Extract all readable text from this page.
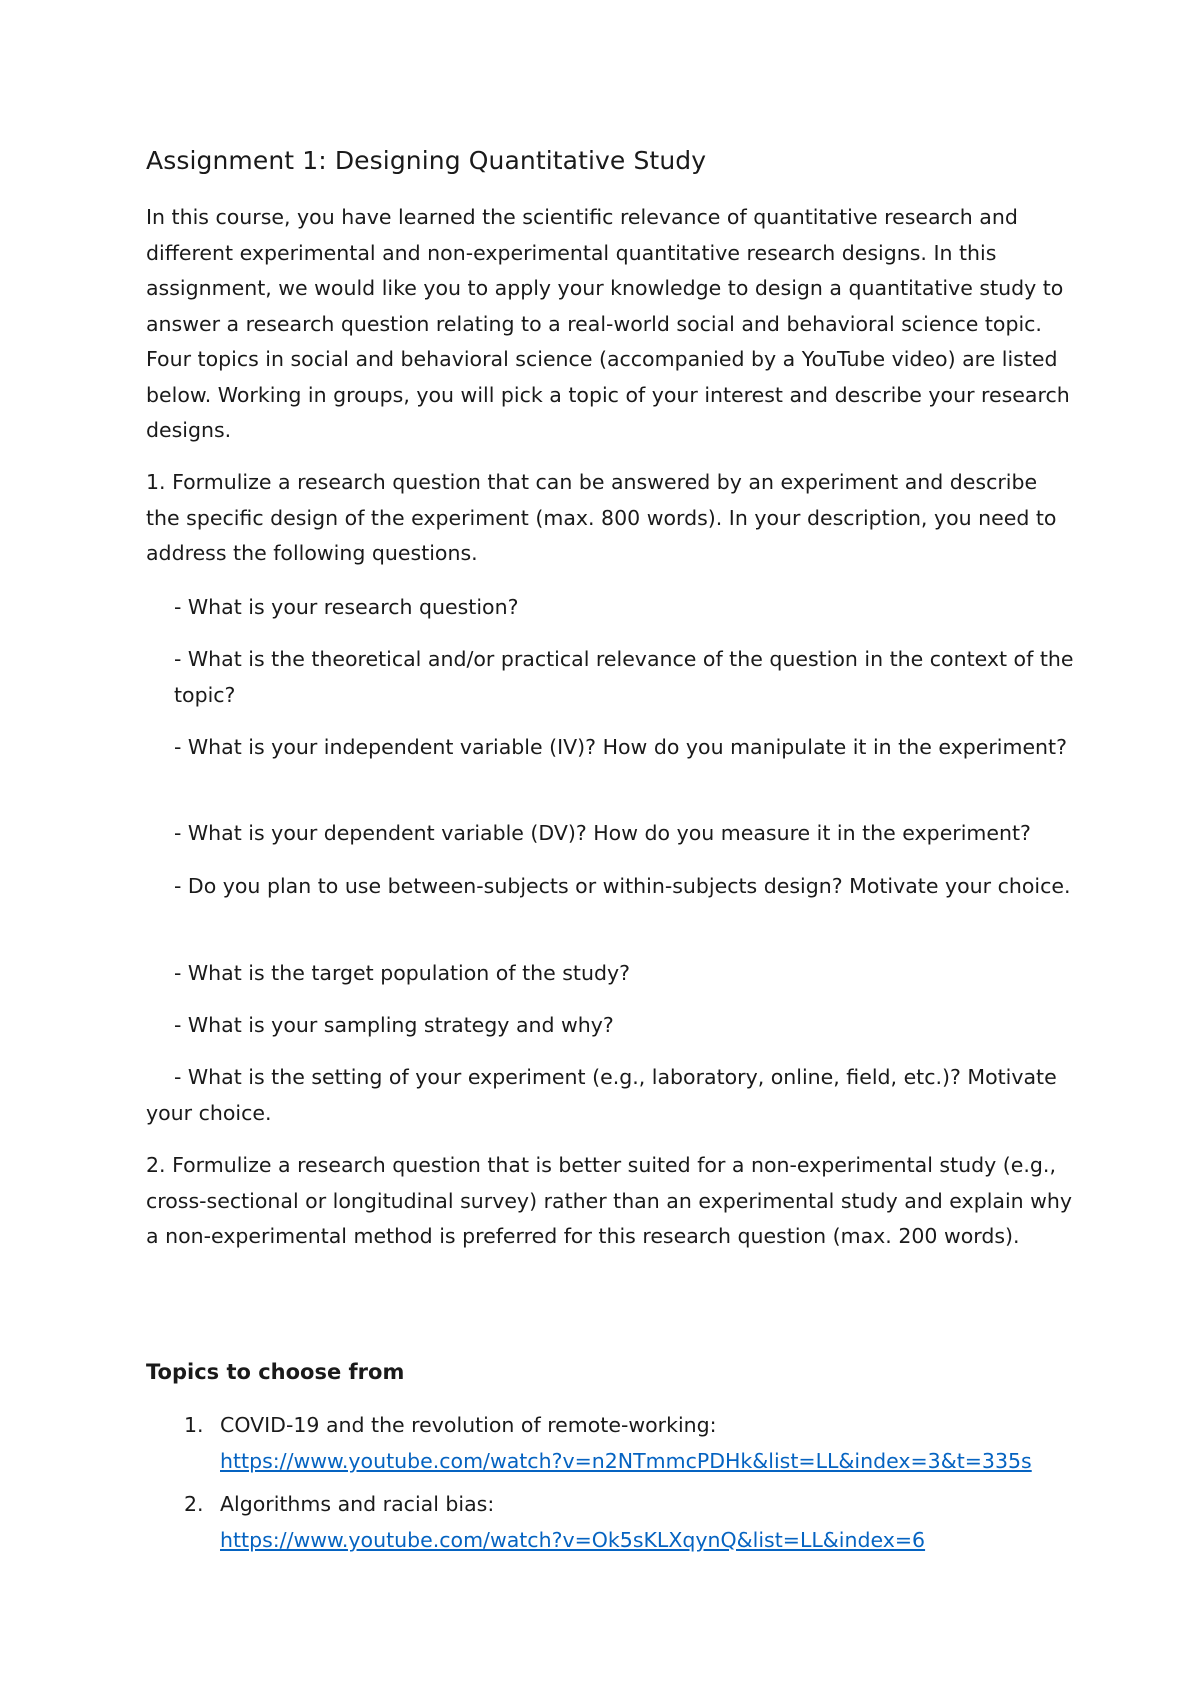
Assignment 1: Designing Quantitative Study

In this course, you have learned the scientific relevance of quantitative research and different experimental and non-experimental quantitative research designs. In this assignment, we would like you to apply your knowledge to design a quantitative study to answer a research question relating to a real-world social and behavioral science topic. Four topics in social and behavioral science (accompanied by a YouTube video) are listed below. Working in groups, you will pick a topic of your interest and describe your research designs.

1. Formulize a research question that can be answered by an experiment and describe the specific design of the experiment (max. 800 words). In your description, you need to address the following questions.

- What is your research question?

- What is the theoretical and/or practical relevance of the question in the context of the topic?

- What is your independent variable (IV)? How do you manipulate it in the experiment?

- What is your dependent variable (DV)? How do you measure it in the experiment?

- Do you plan to use between-subjects or within-subjects design? Motivate your choice.

- What is the target population of the study?

- What is your sampling strategy and why?

- What is the setting of your experiment (e.g., laboratory, online, field, etc.)? Motivate your choice.

2. Formulize a research question that is better suited for a non-experimental study (e.g., cross-sectional or longitudinal survey) rather than an experimental study and explain why a non-experimental method is preferred for this research question (max. 200 words).

Topics to choose from
1. COVID-19 and the revolution of remote-working:
https://www.youtube.com/watch?v=n2NTmmcPDHk&list=LL&index=3&t=335s
2. Algorithms and racial bias:
https://www.youtube.com/watch?v=Ok5sKLXqynQ&list=LL&index=6
